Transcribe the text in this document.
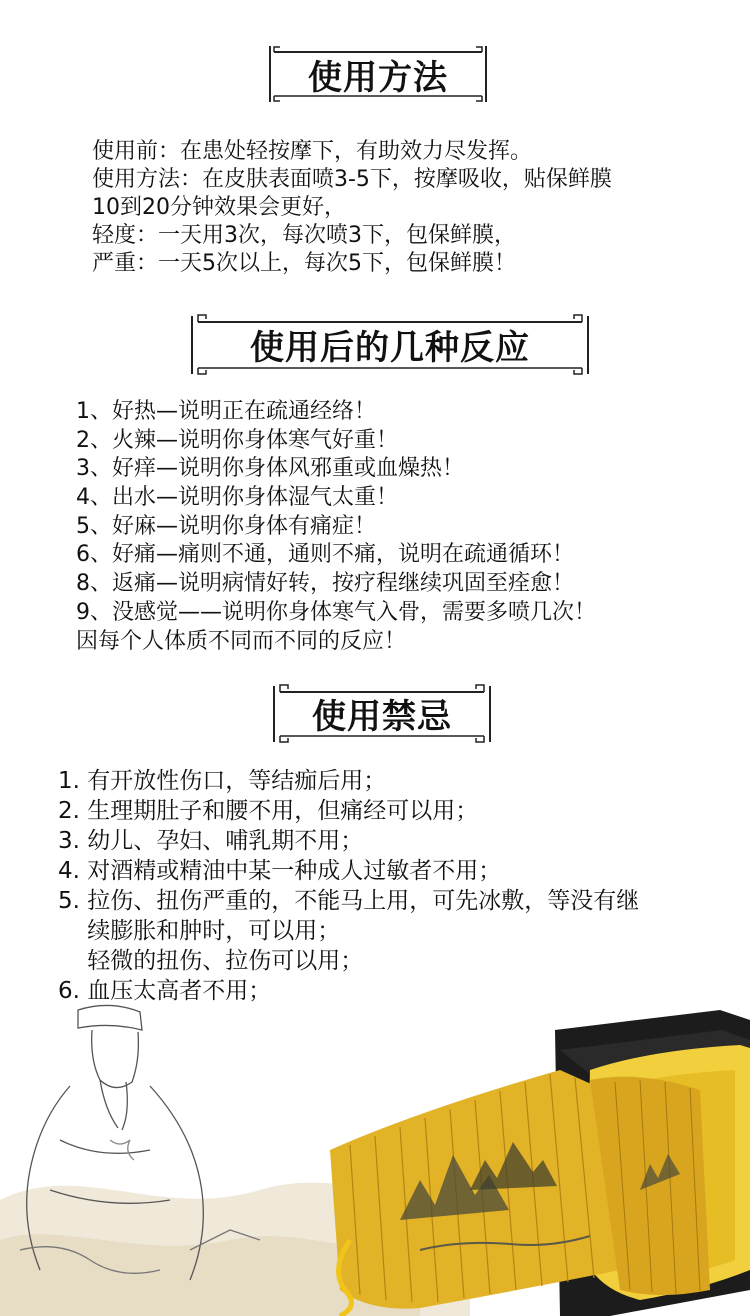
使用方法
使用前：在患处轻按摩下，有助效力尽发挥。
使用方法：在皮肤表面喷3-5下，按摩吸收，贴保鲜膜
10到20分钟效果会更好，
轻度：一天用3次，每次喷3下，包保鲜膜，
严重：一天5次以上，每次5下，包保鲜膜！
使用后的几种反应
1、好热—说明正在疏通经络！
2、火辣—说明你身体寒气好重！
3、好痒—说明你身体风邪重或血燥热！
4、出水—说明你身体湿气太重！
5、好麻—说明你身体有痛症！
6、好痛—痛则不通，通则不痛，说明在疏通循环！
8、返痛—说明病情好转，按疗程继续巩固至痊愈！
9、没感觉——说明你身体寒气入骨，需要多喷几次！
因每个人体质不同而不同的反应！
使用禁忌
1. 有开放性伤口，等结痂后用；
2. 生理期肚子和腰不用，但痛经可以用；
3. 幼儿、孕妇、哺乳期不用；
4. 对酒精或精油中某一种成人过敏者不用；
5. 拉伤、扭伤严重的，不能马上用，可先冰敷，等没有继
续膨胀和肿时，可以用；
轻微的扭伤、拉伤可以用；
6. 血压太高者不用；
